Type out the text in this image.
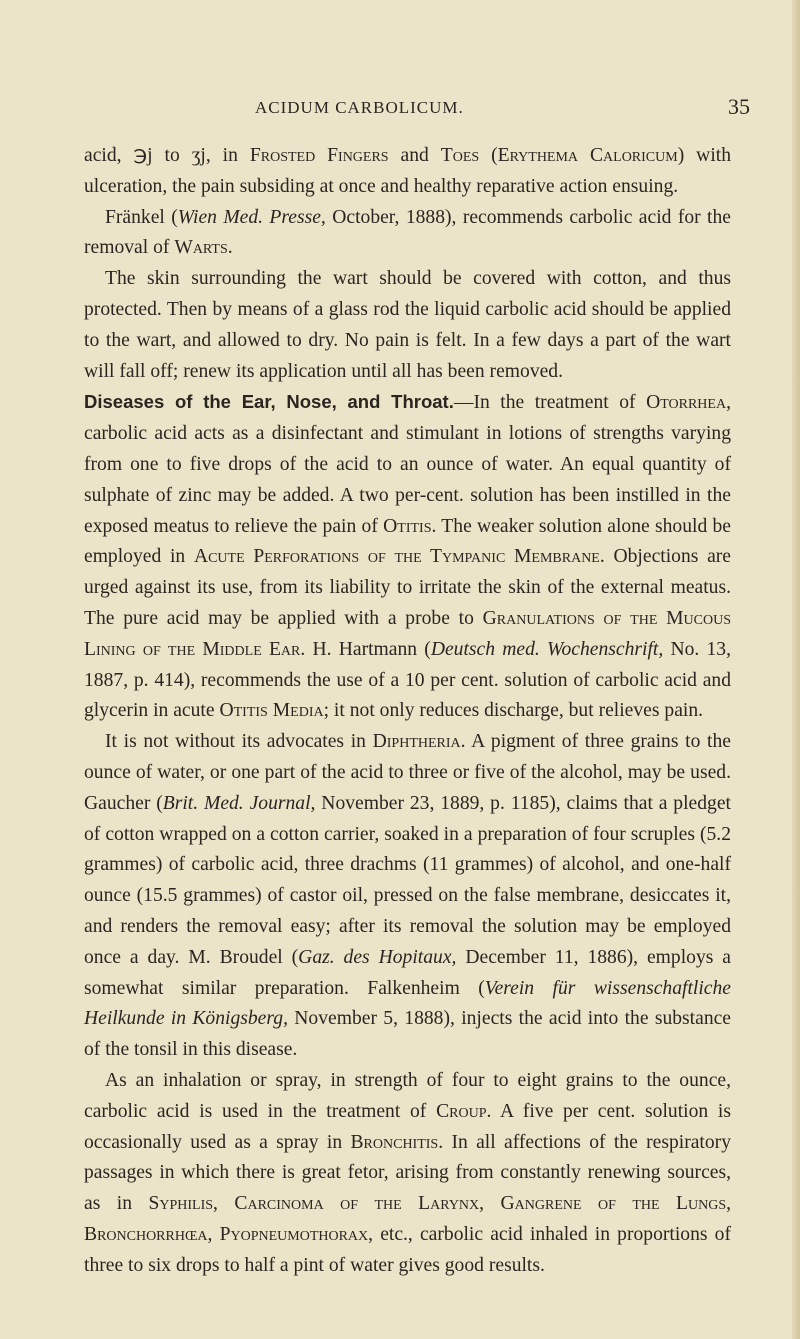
ACIDUM CARBOLICUM.	35

acid, ℈j to ʒj, in Frosted Fingers and Toes (Erythema Caloricum) with ulceration, the pain subsiding at once and healthy reparative action ensuing.

Fränkel (Wien Med. Presse, October, 1888), recommends carbolic acid for the removal of Warts.

The skin surrounding the wart should be covered with cotton, and thus protected. Then by means of a glass rod the liquid carbolic acid should be applied to the wart, and allowed to dry. No pain is felt. In a few days a part of the wart will fall off; renew its application until all has been removed.

Diseases of the Ear, Nose, and Throat.—In the treatment of Otorrhea, carbolic acid acts as a disinfectant and stimulant in lotions of strengths varying from one to five drops of the acid to an ounce of water. An equal quantity of sulphate of zinc may be added. A two per-cent. solution has been instilled in the exposed meatus to relieve the pain of Otitis. The weaker solution alone should be employed in Acute Perforations of the Tympanic Membrane. Objections are urged against its use, from its liability to irritate the skin of the external meatus. The pure acid may be applied with a probe to Granulations of the Mucous Lining of the Middle Ear. H. Hartmann (Deutsch med. Wochenschrift, No. 13, 1887, p. 414), recommends the use of a 10 per cent. solution of carbolic acid and glycerin in acute Otitis Media; it not only reduces discharge, but relieves pain.

It is not without its advocates in Diphtheria. A pigment of three grains to the ounce of water, or one part of the acid to three or five of the alcohol, may be used. Gaucher (Brit. Med. Journal, November 23, 1889, p. 1185), claims that a pledget of cotton wrapped on a cotton carrier, soaked in a preparation of four scruples (5.2 grammes) of carbolic acid, three drachms (11 grammes) of alcohol, and one-half ounce (15.5 grammes) of castor oil, pressed on the false membrane, desiccates it, and renders the removal easy; after its removal the solution may be employed once a day. M. Broudel (Gaz. des Hopitaux, December 11, 1886), employs a somewhat similar preparation. Falkenheim (Verein für wissenschaftliche Heilkunde in Königsberg, November 5, 1888), injects the acid into the substance of the tonsil in this disease.

As an inhalation or spray, in strength of four to eight grains to the ounce, carbolic acid is used in the treatment of Croup. A five per cent. solution is occasionally used as a spray in Bronchitis. In all affections of the respiratory passages in which there is great fetor, arising from constantly renewing sources, as in Syphilis, Carcinoma of the Larynx, Gangrene of the Lungs, Bronchorrhœa, Pyopneumothorax, etc., carbolic acid inhaled in proportions of three to six drops to half a pint of water gives good results.
